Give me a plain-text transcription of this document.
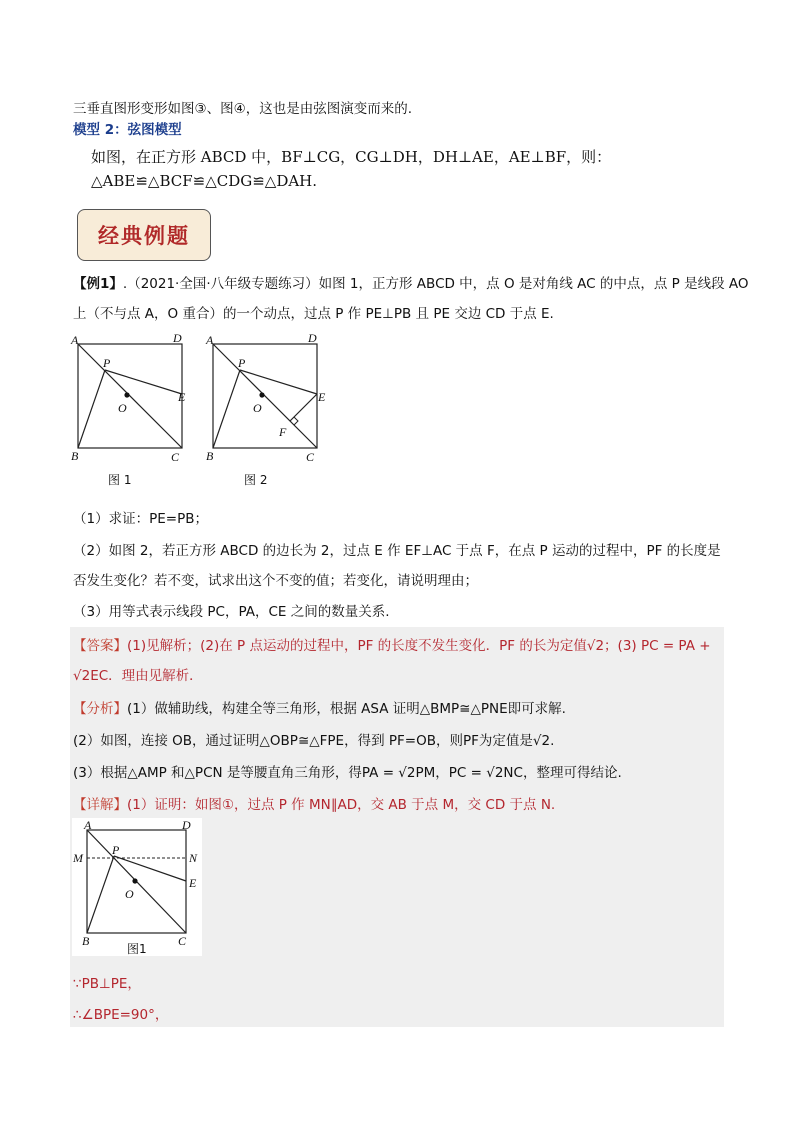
三垂直图形变形如图③、图④，这也是由弦图演变而来的.
模型 2：弦图模型
如图，在正方形 ABCD 中，BF⊥CG，CG⊥DH，DH⊥AE，AE⊥BF，则：
△ABE≌△BCF≌△CDG≌△DAH.
经典例题
【例1】.（2021·全国·八年级专题练习）如图 1，正方形 ABCD 中，点 O 是对角线 AC 的中点，点 P 是线段 AO
上（不与点 A，O 重合）的一个动点，过点 P 作 PE⊥PB 且 PE 交边 CD 于点 E.
A
B	C
D
P
O
E
图 1
A
B	C
D
P
O
E
F
图 2
（1）求证：PE=PB；
（2）如图 2，若正方形 ABCD 的边长为 2，过点 E 作 EF⊥AC 于点 F，在点 P 运动的过程中，PF 的长度是
否发生变化？若不变，试求出这个不变的值；若变化，请说明理由；
（3）用等式表示线段 PC，PA，CE 之间的数量关系.
【答案】(1)见解析；(2)在 P 点运动的过程中，PF 的长度不发生变化．PF 的长为定值√2；(3) PC = PA +
√2EC．理由见解析．
【分析】(1）做辅助线，构建全等三角形，根据 ASA 证明△BMP≅△PNE即可求解.
(2）如图，连接 OB，通过证明△OBP≅△FPE，得到 PF=OB，则PF为定值是√2.
(3）根据△AMP 和△PCN 是等腰直角三角形，得PA = √2PM，PC = √2NC，整理可得结论.
【详解】(1）证明：如图①，过点 P 作 MN∥AD，交 AB 于点 M，交 CD 于点 N.
A	D
M	N
P
O
E
B	C
图1
∵PB⊥PE，
∴∠BPE=90°，
